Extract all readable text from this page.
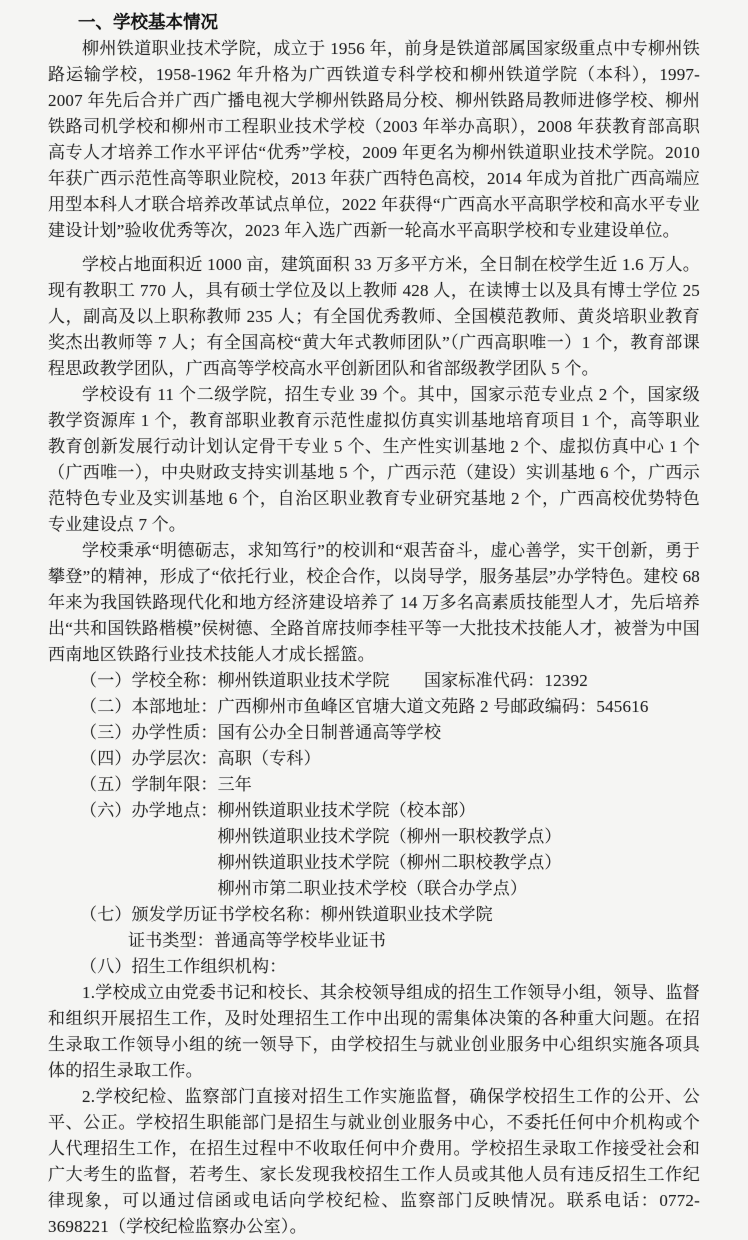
一、学校基本情况

柳州铁道职业技术学院，成立于 1956 年，前身是铁道部属国家级重点中专柳州铁路运输学校，1958-1962 年升格为广西铁道专科学校和柳州铁道学院（本科），1997-2007 年先后合并广西广播电视大学柳州铁路局分校、柳州铁路局教师进修学校、柳州铁路司机学校和柳州市工程职业技术学校（2003 年举办高职），2008 年获教育部高职高专人才培养工作水平评估“优秀”学校，2009 年更名为柳州铁道职业技术学院。2010 年获广西示范性高等职业院校，2013 年获广西特色高校，2014 年成为首批广西高端应用型本科人才联合培养改革试点单位，2022 年获得“广西高水平高职学校和高水平专业建设计划”验收优秀等次，2023 年入选广西新一轮高水平高职学校和专业建设单位。

学校占地面积近 1000 亩，建筑面积 33 万多平方米，全日制在校学生近 1.6 万人。现有教职工 770 人，具有硕士学位及以上教师 428 人，在读博士以及具有博士学位 25 人，副高及以上职称教师 235 人；有全国优秀教师、全国模范教师、黄炎培职业教育奖杰出教师等 7 人；有全国高校“黄大年式教师团队”（广西高职唯一）1 个，教育部课程思政教学团队，广西高等学校高水平创新团队和省部级教学团队 5 个。

学校设有 11 个二级学院，招生专业 39 个。其中，国家示范专业点 2 个，国家级教学资源库 1 个，教育部职业教育示范性虚拟仿真实训基地培育项目 1 个，高等职业教育创新发展行动计划认定骨干专业 5 个、生产性实训基地 2 个、虚拟仿真中心 1 个（广西唯一），中央财政支持实训基地 5 个，广西示范（建设）实训基地 6 个，广西示范特色专业及实训基地 6 个，自治区职业教育专业研究基地 2 个，广西高校优势特色专业建设点 7 个。

学校秉承“明德砺志，求知笃行”的校训和“艰苦奋斗，虚心善学，实干创新，勇于攀登”的精神，形成了“依托行业，校企合作，以岗导学，服务基层”办学特色。建校 68 年来为我国铁路现代化和地方经济建设培养了 14 万多名高素质技能型人才，先后培养出“共和国铁路楷模”侯树德、全路首席技师李桂平等一大批技术技能人才，被誉为中国西南地区铁路行业技术技能人才成长摇篮。

（一）学校全称：柳州铁道职业技术学院　　国家标准代码：12392

（二）本部地址：广西柳州市鱼峰区官塘大道文苑路 2 号邮政编码：545616

（三）办学性质：国有公办全日制普通高等学校

（四）办学层次：高职（专科）

（五）学制年限：三年

（六）办学地点： 柳州铁道职业技术学院（校本部）
柳州铁道职业技术学院（柳州一职校教学点）
柳州铁道职业技术学院（柳州二职校教学点）
柳州市第二职业技术学校（联合办学点）

（七）颁发学历证书学校名称：柳州铁道职业技术学院

证书类型：普通高等学校毕业证书

（八）招生工作组织机构：

1.学校成立由党委书记和校长、其余校领导组成的招生工作领导小组，领导、监督和组织开展招生工作，及时处理招生工作中出现的需集体决策的各种重大问题。在招生录取工作领导小组的统一领导下，由学校招生与就业创业服务中心组织实施各项具体的招生录取工作。

2.学校纪检、监察部门直接对招生工作实施监督，确保学校招生工作的公开、公平、公正。学校招生职能部门是招生与就业创业服务中心，不委托任何中介机构或个人代理招生工作，在招生过程中不收取任何中介费用。学校招生录取工作接受社会和广大考生的监督，若考生、家长发现我校招生工作人员或其他人员有违反招生工作纪律现象，可以通过信函或电话向学校纪检、监察部门反映情况。联系电话：0772-3698221（学校纪检监察办公室）。
